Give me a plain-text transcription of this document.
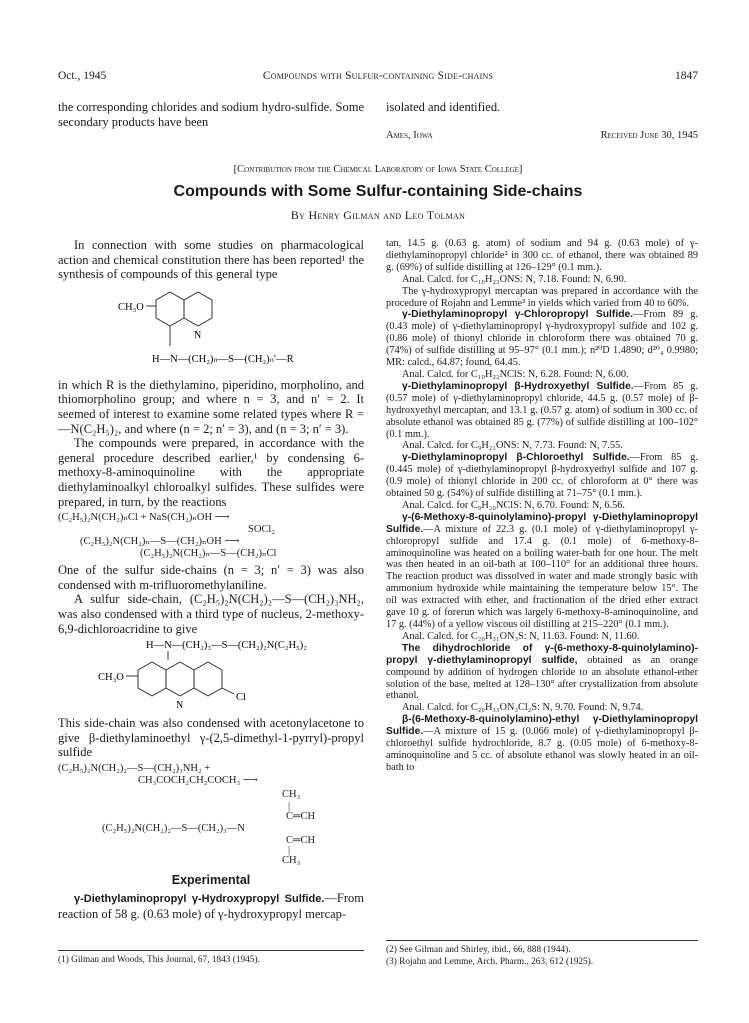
Oct., 1945	Compounds with Sulfur-containing Side-chains	1847
the corresponding chlorides and sodium hydro-sulfide. Some secondary products have been
isolated and identified.
Ames, Iowa	Received June 30, 1945
[Contribution from the Chemical Laboratory of Iowa State College]
Compounds with Some Sulfur-containing Side-chains
By Henry Gilman and Leo Tolman

In connection with some studies on pharmacological action and chemical constitution there has been reported¹ the synthesis of compounds of this general type

CH₃O
N
H—N—(CH₂)ₙ—S—(CH₂)ₙ′—R

in which R is the diethylamino, piperidino, morpholino, and thiomorpholino group; and where n = 3, and n′ = 2. It seemed of interest to examine some related types where R = —N(C₂H₅)₂, and where (n = 2; n′ = 3), and (n = 3; n′ = 3).

The compounds were prepared, in accordance with the general procedure described earlier,¹ by condensing 6-methoxy-8-aminoquinoline with the appropriate diethylaminoalkyl chloroalkyl sulfides. These sulfides were prepared, in turn, by the reactions

(C₂H₅)₂N(CH₂)ₙCl + NaS(CH₂)ₙOH ⟶
SOCl₂
(C₂H₅)₂N(CH₂)ₙ—S—(CH₂)ₙOH ⟶
(C₂H₅)₂N(CH₂)ₙ—S—(CH₂)ₙCl

One of the sulfur side-chains (n = 3; n′ = 3) was also condensed with m-trifluoromethylaniline.

A sulfur side-chain, (C₂H₅)₂N(CH₂)₂—S—(CH₂)₃NH₂, was also condensed with a third type of nucleus, 2-methoxy-6,9-dichloroacridine to give

H—N—(CH₂)₃—S—(CH₂)₂N(C₂H₅)₂
CH₃O
N
Cl

This side-chain was also condensed with acetonylacetone to give β-diethylaminoethyl γ-(2,5-dimethyl-1-pyrryl)-propyl sulfide

(C₂H₅)₂N(CH₂)₂—S—(CH₂)₃NH₂ +
CH₃COCH₂CH₂COCH₃ ⟶
CH₃
|
C═CH
(C₂H₅)₂N(CH₂)₂—S—(CH₂)₃—N
C═CH
|
CH₃
Experimental

γ-Diethylaminopropyl γ-Hydroxypropyl Sulfide.—From reaction of 58 g. (0.63 mole) of γ-hydroxypropyl mercap-

tan, 14.5 g. (0.63 g. atom) of sodium and 94 g. (0.63 mole) of γ-diethylaminopropyl chloride² in 300 cc. of ethanol, there was obtained 89 g. (69%) of sulfide distilling at 126–129° (0.1 mm.).

Anal. Calcd. for C₁₀H₂₃ONS: N, 7.18. Found: N, 6.90.

The γ-hydroxypropyl mercaptan was prepared in accordance with the procedure of Rojahn and Lemme³ in yields which varied from 40 to 60%.

γ-Diethylaminopropyl γ-Chloropropyl Sulfide.—From 89 g. (0.43 mole) of γ-diethylaminopropyl γ-hydroxypropyl sulfide and 102 g. (0.86 mole) of thionyl chloride in chloroform there was obtained 70 g. (74%) of sulfide distilling at 95–97° (0.1 mm.); n²⁰D 1.4890; d²⁰₄ 0.9980; MR: calcd., 64.87; found, 64.45.

Anal. Calcd. for C₁₀H₂₂NClS: N, 6.28. Found: N, 6.00.

γ-Diethylaminopropyl β-Hydroxyethyl Sulfide.—From 85 g. (0.57 mole) of γ-diethylaminopropyl chloride, 44.5 g. (0.57 mole) of β-hydroxyethyl mercaptan, and 13.1 g. (0.57 g. atom) of sodium in 300 cc. of absolute ethanol was obtained 85 g. (77%) of sulfide distilling at 100–102° (0.1 mm.).

Anal. Calcd. for C₉H₂₁ONS: N, 7.73. Found: N, 7.55.

γ-Diethylaminopropyl β-Chloroethyl Sulfide.—From 85 g. (0.445 mole) of γ-diethylaminopropyl β-hydroxyethyl sulfide and 107 g. (0.9 mole) of thionyl chloride in 200 cc. of chloroform at 0° there was obtained 50 g. (54%) of sulfide distilling at 71–75° (0.1 mm.).

Anal. Calcd. for C₉H₂₀NClS: N, 6.70. Found: N, 6.56.

γ-(6-Methoxy-8-quinolylamino)-propyl γ-Diethylaminopropyl Sulfide.—A mixture of 22.3 g. (0.1 mole) of γ-diethylaminopropyl γ-chloropropyl sulfide and 17.4 g. (0.1 mole) of 6-methoxy-8-aminoquinoline was heated on a boiling water-bath for one hour. The melt was then heated in an oil-bath at 100–110° for an additional three hours. The reaction product was dissolved in water and made strongly basic with ammonium hydroxide while maintaining the temperature below 15°. The oil was extracted with ether, and fractionation of the dried ether extract gave 10 g. of forerun which was largely 6-methoxy-8-aminoquinoline, and 17 g. (44%) of a yellow viscous oil distilling at 215–220° (0.1 mm.).

Anal. Calcd. for C₂₀H₃₁ON₃S: N, 11.63. Found: N, 11.60.

The dihydrochloride of γ-(6-methoxy-8-quinolylamino)-propyl γ-diethylaminopropyl sulfide, obtained as an orange compound by addition of hydrogen chloride to an absolute ethanol-ether solution of the base, melted at 128–130° after crystallization from absolute ethanol.

Anal. Calcd. for C₂₀H₃₃ON₃Cl₂S: N, 9.70. Found: N, 9.74.

β-(6-Methoxy-8-quinolylamino)-ethyl γ-Diethylaminopropyl Sulfide.—A mixture of 15 g. (0.066 mole) of γ-diethylaminopropyl β-chloroethyl sulfide hydrochloride, 8.7 g. (0.05 mole) of 6-methoxy-8-aminoquinoline and 5 cc. of absolute ethanol was slowly heated in an oil-bath to

(1) Gilman and Woods, This Journal, 67, 1843 (1945).
(2) See Gilman and Shirley, ibid., 66, 888 (1944).
(3) Rojahn and Lemme, Arch. Pharm., 263, 612 (1925).
